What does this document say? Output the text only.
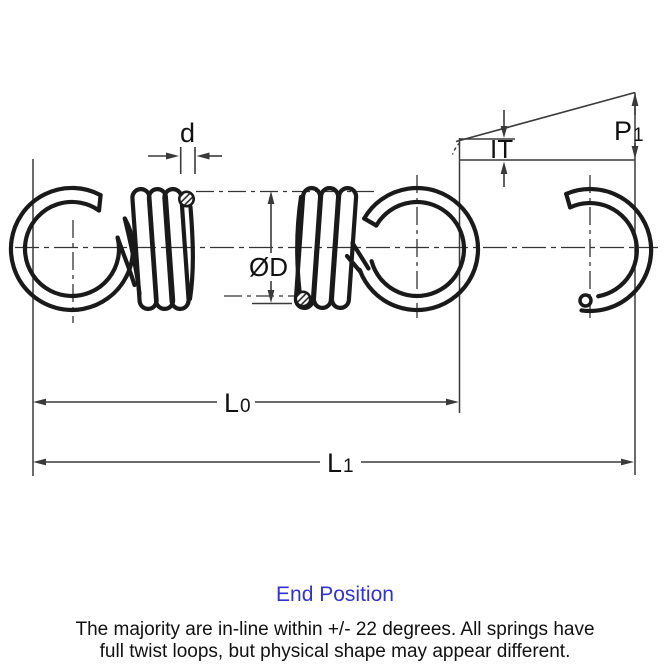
d
ØD
IT
P 1
L 0
L 1
End Position
The majority are in-line within +/- 22 degrees. All springs have
full twist loops, but physical shape may appear different.
